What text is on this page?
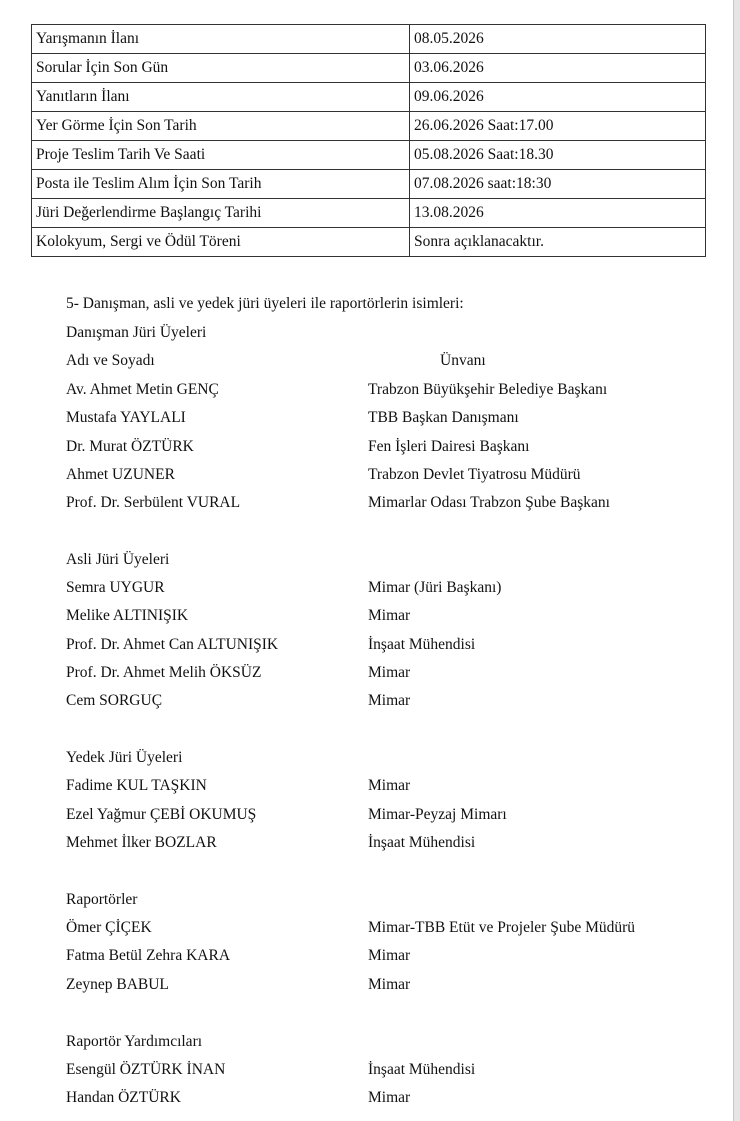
Yarışmanın İlanı	08.05.2026
Sorular İçin Son Gün	03.06.2026
Yanıtların İlanı	09.06.2026
Yer Görme İçin Son Tarih	26.06.2026 Saat:17.00
Proje Teslim Tarih Ve Saati	05.08.2026 Saat:18.30
Posta ile Teslim Alım İçin Son Tarih	07.08.2026 saat:18:30
Jüri Değerlendirme Başlangıç Tarihi	13.08.2026
Kolokyum, Sergi ve Ödül Töreni	Sonra açıklanacaktır.
5- Danışman, asli ve yedek jüri üyeleri ile raportörlerin isimleri:
Danışman Jüri Üyeleri
Adı ve Soyadı	Ünvanı
Av. Ahmet Metin GENÇ	Trabzon Büyükşehir Belediye Başkanı
Mustafa YAYLALI	TBB Başkan Danışmanı
Dr. Murat ÖZTÜRK	Fen İşleri Dairesi Başkanı
Ahmet UZUNER	Trabzon Devlet Tiyatrosu Müdürü
Prof. Dr. Serbülent VURAL	Mimarlar Odası Trabzon Şube Başkanı
Asli Jüri Üyeleri
Semra UYGUR	Mimar (Jüri Başkanı)
Melike ALTINIŞIK	Mimar
Prof. Dr. Ahmet Can ALTUNIŞIK	İnşaat Mühendisi
Prof. Dr. Ahmet Melih ÖKSÜZ	Mimar
Cem SORGUÇ	Mimar
Yedek Jüri Üyeleri
Fadime KUL TAŞKIN	Mimar
Ezel Yağmur ÇEBİ OKUMUŞ	Mimar-Peyzaj Mimarı
Mehmet İlker BOZLAR	İnşaat Mühendisi
Raportörler
Ömer ÇİÇEK	Mimar-TBB Etüt ve Projeler Şube Müdürü
Fatma Betül Zehra KARA	Mimar
Zeynep BABUL	Mimar
Raportör Yardımcıları
Esengül ÖZTÜRK İNAN	İnşaat Mühendisi
Handan ÖZTÜRK	Mimar
